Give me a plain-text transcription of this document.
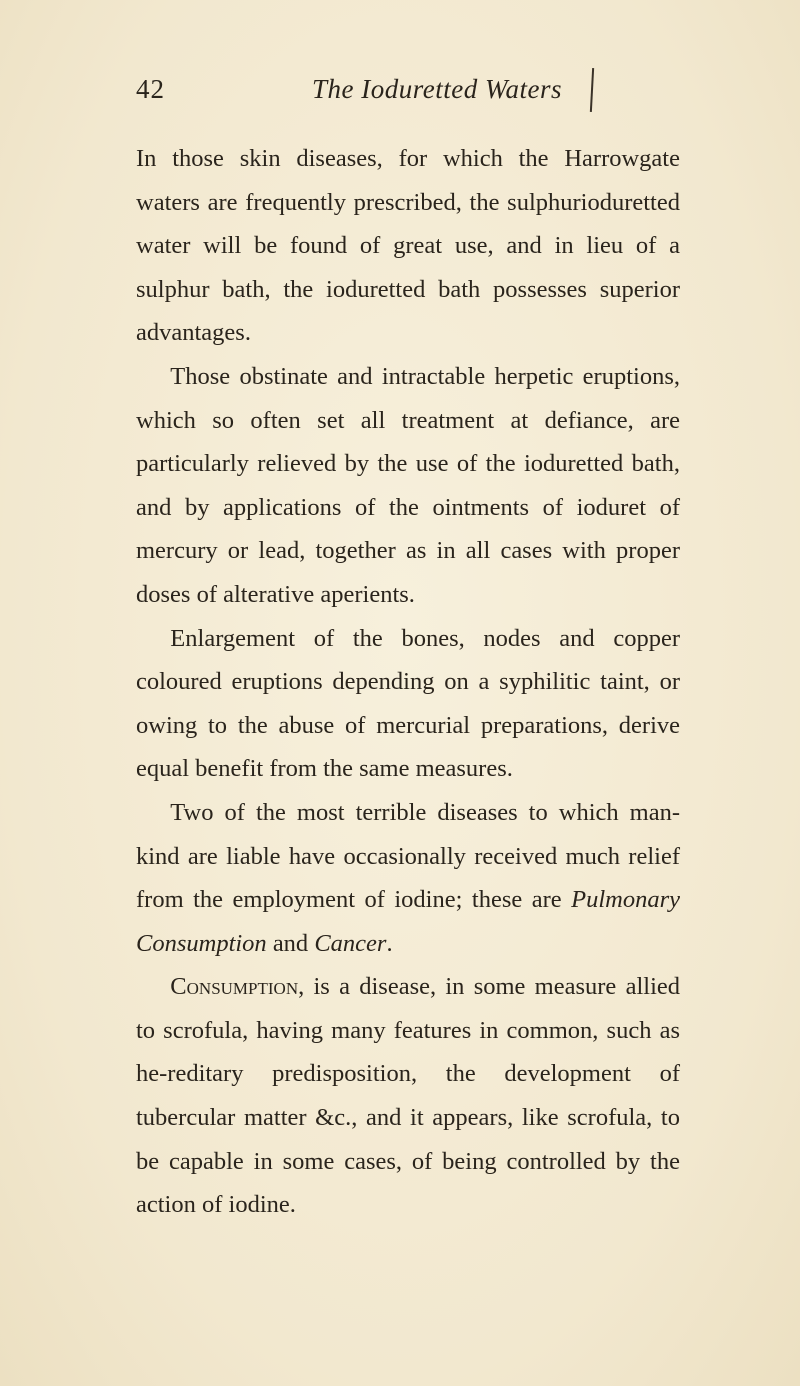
42	The Ioduretted Waters

In those skin diseases, for which the Harrowgate waters are frequently prescribed, the sulphurioduretted water will be found of great use, and in lieu of a sulphur bath, the ioduretted bath possesses superior advantages.

Those obstinate and intractable herpetic eruptions, which so often set all treatment at defiance, are particularly relieved by the use of the ioduretted bath, and by applications of the ointments of ioduret of mercury or lead, together as in all cases with proper doses of alterative aperients.

Enlargement of the bones, nodes and copper coloured eruptions depending on a syphilitic taint, or owing to the abuse of mercurial preparations, derive equal benefit from the same measures.

Two of the most terrible diseases to which man-kind are liable have occasionally received much relief from the employment of iodine; these are Pulmonary Consumption and Cancer.

Consumption, is a disease, in some measure allied to scrofula, having many features in common, such as he-reditary predisposition, the development of tubercular matter &c., and it appears, like scrofula, to be capable in some cases, of being controlled by the action of iodine.
